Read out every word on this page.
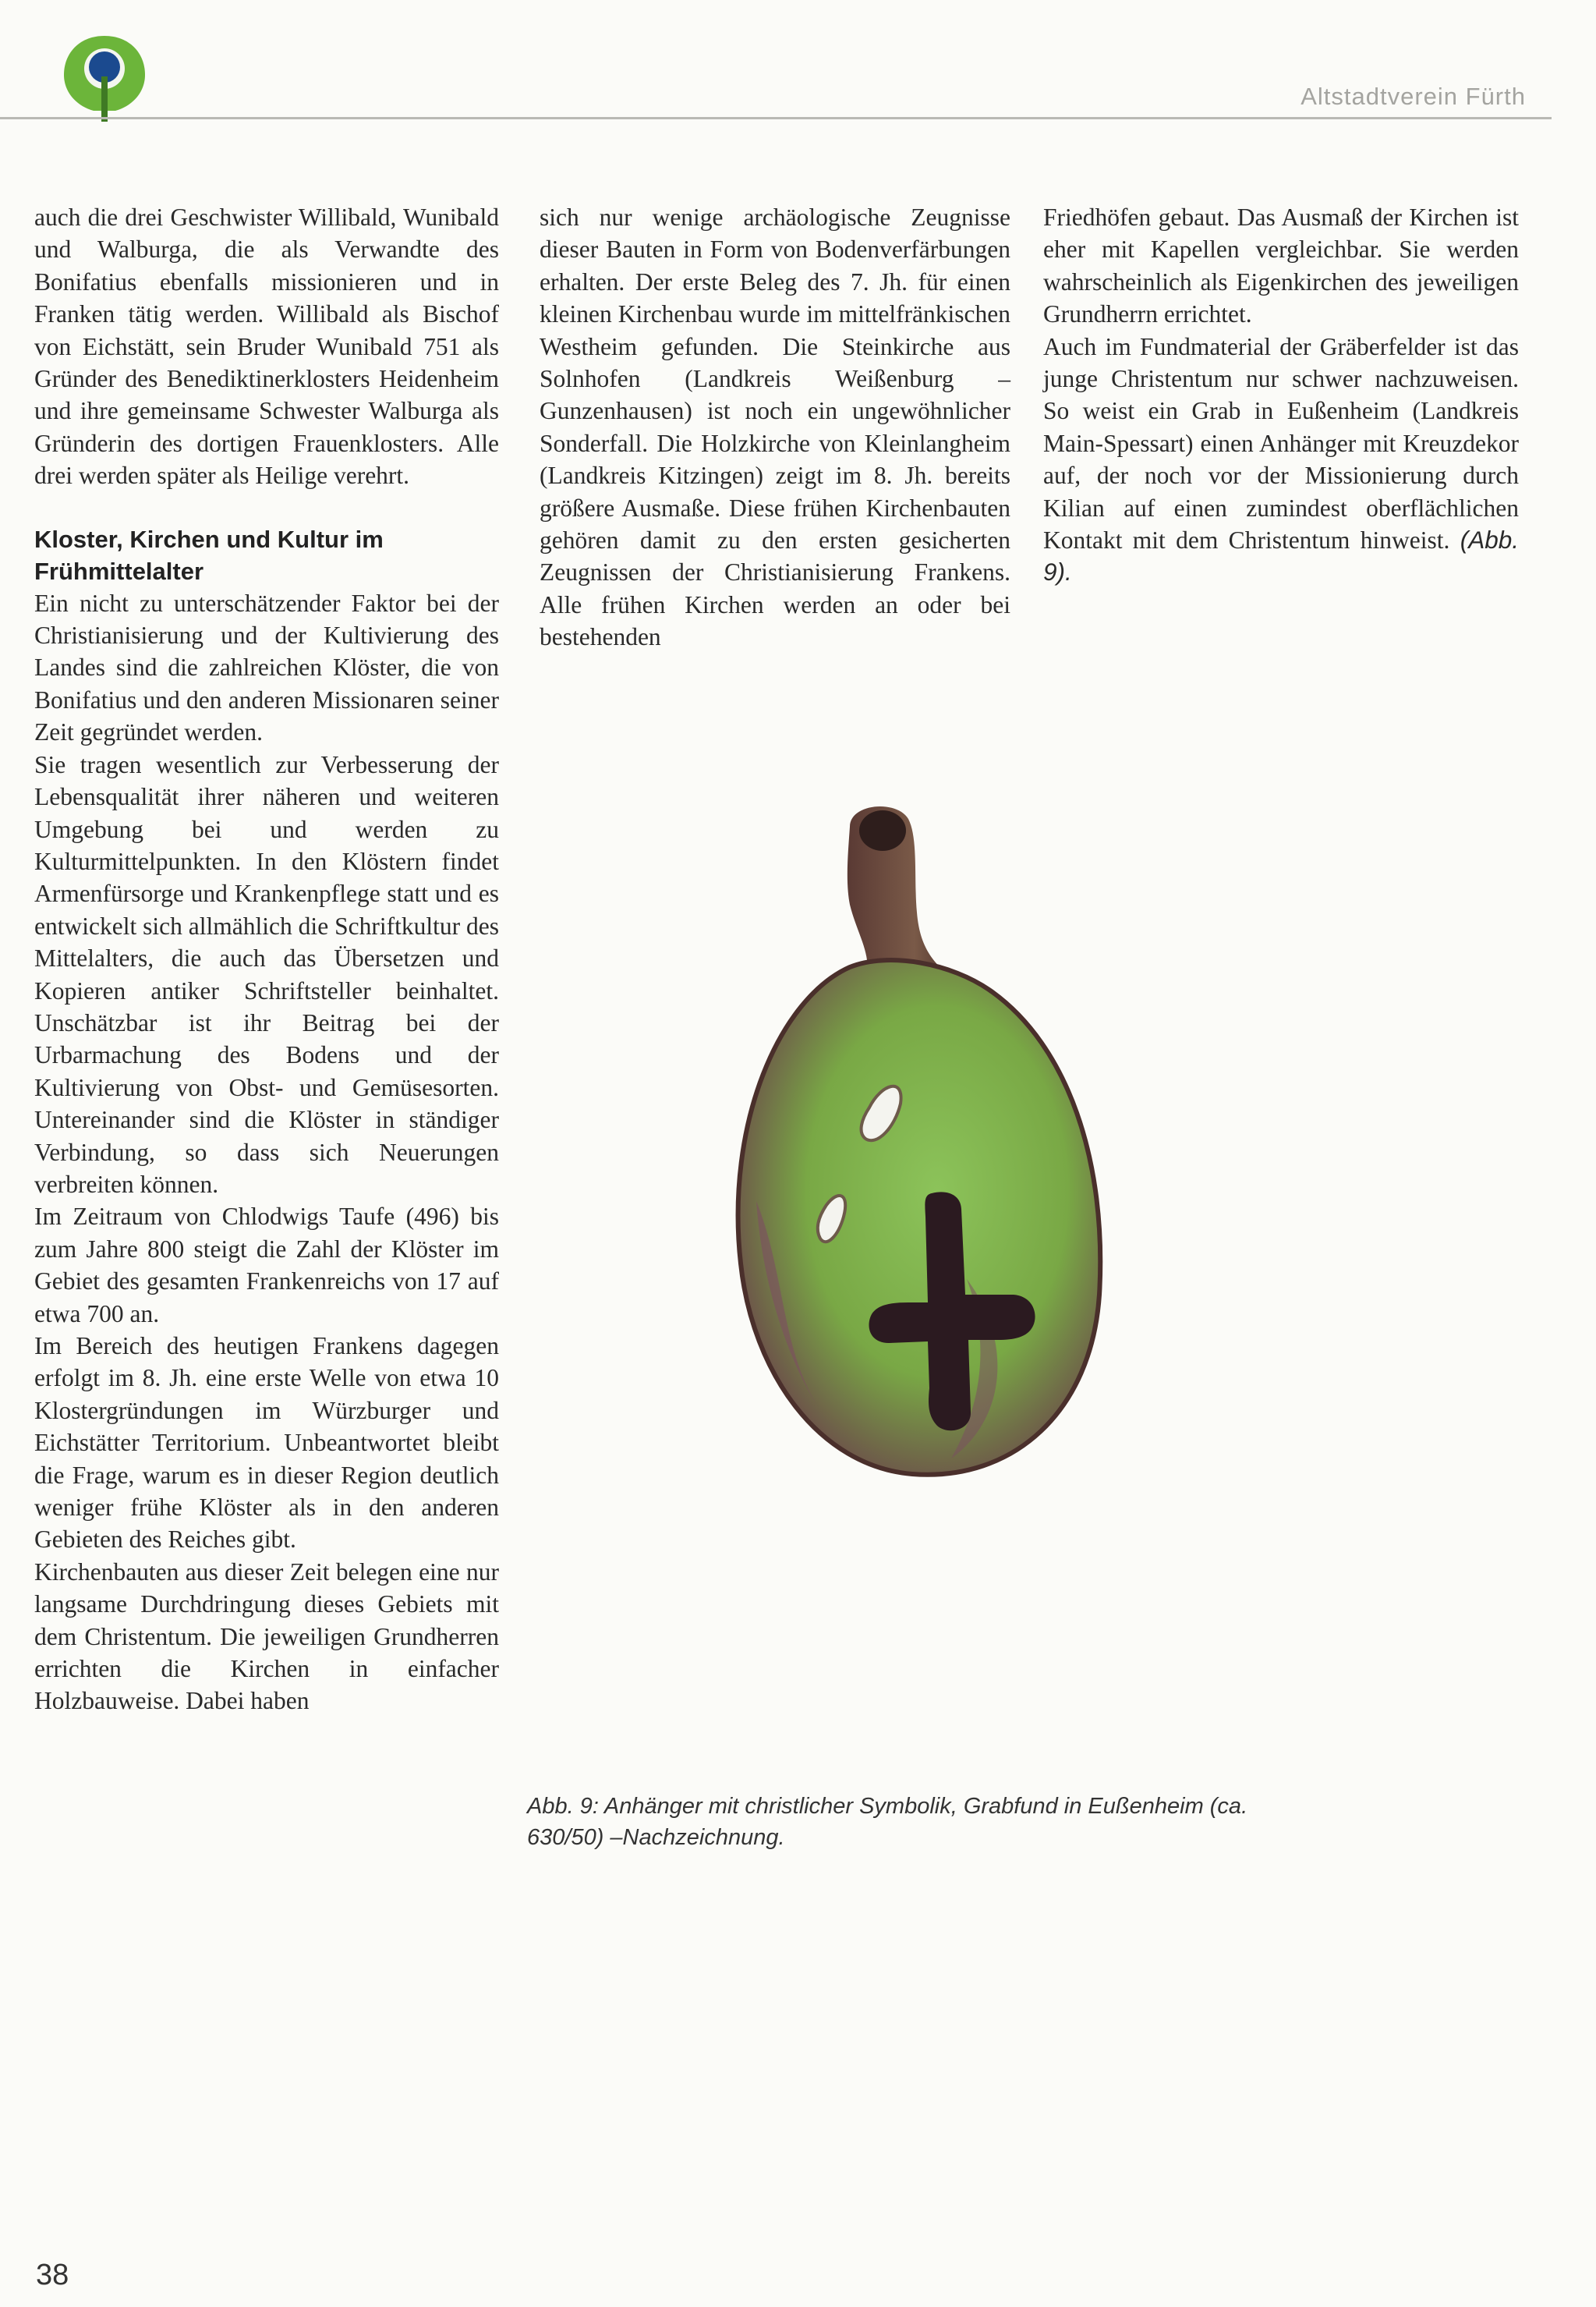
Altstadtverein Fürth

auch die drei Geschwister Willibald, Wunibald und Walburga, die als Verwandte des Bonifatius ebenfalls missionieren und in Franken tätig werden. Willibald als Bischof von Eichstätt, sein Bruder Wunibald 751 als Gründer des Benediktinerklosters Heidenheim und ihre gemeinsame Schwester Walburga als Gründerin des dortigen Frauenklosters. Alle drei werden später als Heilige verehrt.

Kloster, Kirchen und Kultur im Frühmittelalter

Ein nicht zu unterschätzender Faktor bei der Christianisierung und der Kultivierung des Landes sind die zahlreichen Klöster, die von Bonifatius und den anderen Missionaren seiner Zeit gegründet werden.

Sie tragen wesentlich zur Verbesserung der Lebensqualität ihrer näheren und weiteren Umgebung bei und werden zu Kulturmittelpunkten. In den Klöstern findet Armenfürsorge und Krankenpflege statt und es entwickelt sich allmählich die Schriftkultur des Mittelalters, die auch das Übersetzen und Kopieren antiker Schriftsteller beinhaltet. Unschätzbar ist ihr Beitrag bei der Urbarmachung des Bodens und der Kultivierung von Obst- und Gemüsesorten. Untereinander sind die Klöster in ständiger Verbindung, so dass sich Neuerungen verbreiten können.

Im Zeitraum von Chlodwigs Taufe (496) bis zum Jahre 800 steigt die Zahl der Klöster im Gebiet des gesamten Frankenreichs von 17 auf etwa 700 an.

Im Bereich des heutigen Frankens dagegen erfolgt im 8. Jh. eine erste Welle von etwa 10 Klostergründungen im Würzburger und Eichstätter Territorium. Unbeantwortet bleibt die Frage, warum es in dieser Region deutlich weniger frühe Klöster als in den anderen Gebieten des Reiches gibt.

Kirchenbauten aus dieser Zeit belegen eine nur langsame Durchdringung dieses Gebiets mit dem Christentum. Die jeweiligen Grundherren errichten die Kirchen in einfacher Holzbauweise. Dabei haben

sich nur wenige archäologische Zeugnisse dieser Bauten in Form von Bodenverfärbungen erhalten. Der erste Beleg des 7. Jh. für einen kleinen Kirchenbau wurde im mittelfränkischen Westheim gefunden. Die Steinkirche aus Solnhofen (Landkreis Weißenburg – Gunzenhausen) ist noch ein ungewöhnlicher Sonderfall. Die Holzkirche von Kleinlangheim (Landkreis Kitzingen) zeigt im 8. Jh. bereits größere Ausmaße. Diese frühen Kirchenbauten gehören damit zu den ersten gesicherten Zeugnissen der Christianisierung Frankens. Alle frühen Kirchen werden an oder bei bestehenden

Friedhöfen gebaut. Das Ausmaß der Kirchen ist eher mit Kapellen vergleichbar. Sie werden wahrscheinlich als Eigenkirchen des jeweiligen Grundherrn errichtet.

Auch im Fundmaterial der Gräberfelder ist das junge Christentum nur schwer nachzuweisen. So weist ein Grab in Eußenheim (Landkreis Main-Spessart) einen Anhänger mit Kreuzdekor auf, der noch vor der Missionierung durch Kilian auf einen zumindest oberflächlichen Kontakt mit dem Christentum hinweist. (Abb. 9).

Abb. 9: Anhänger mit christlicher Symbolik, Grabfund in Eußenheim (ca. 630/50) –Nachzeichnung.
38
